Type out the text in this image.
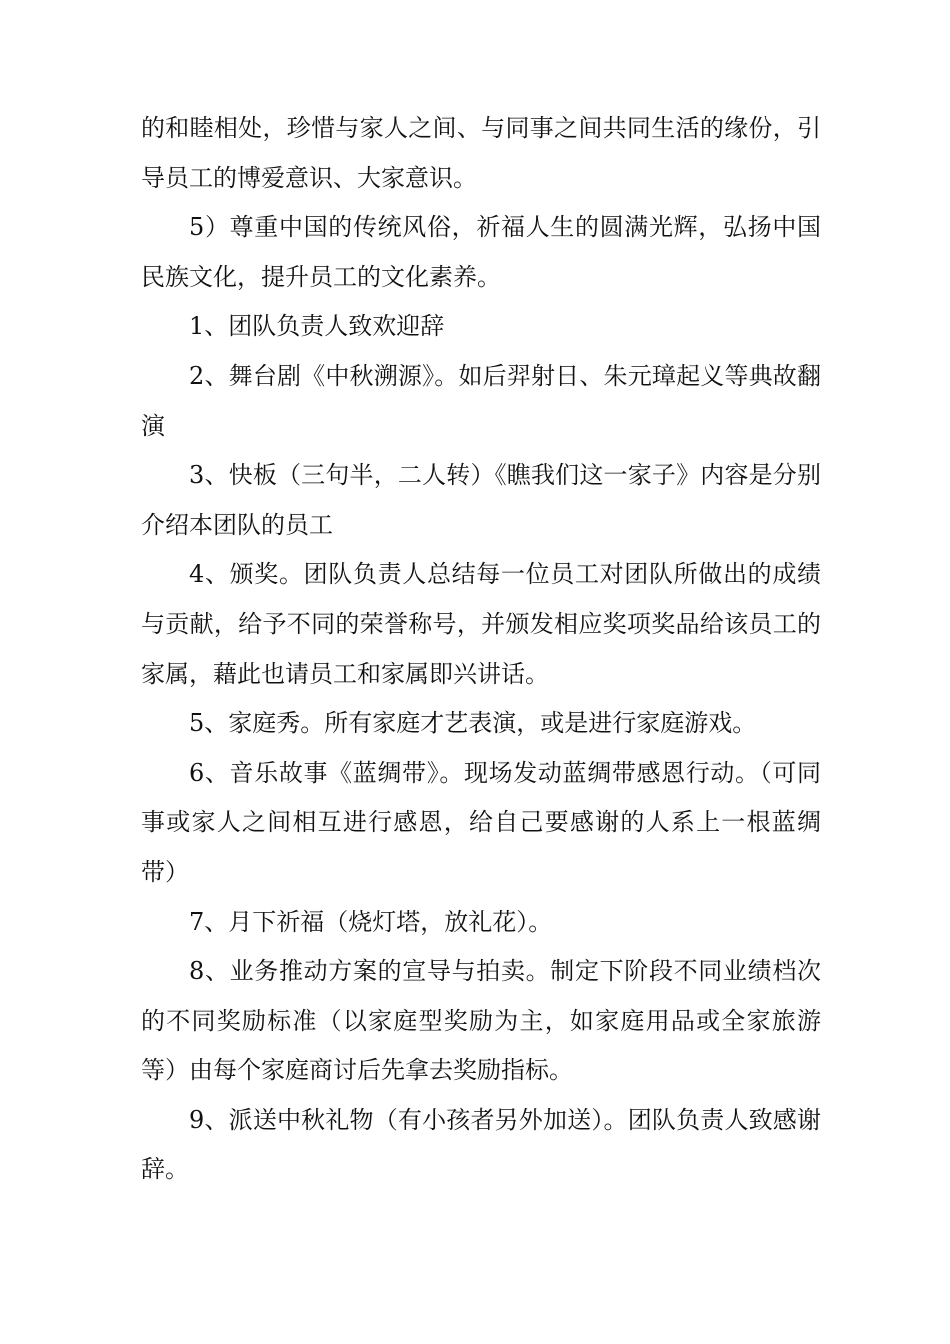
的和睦相处，珍惜与家人之间、与同事之间共同生活的缘份，引导员工的博爱意识、大家意识。

5）尊重中国的传统风俗，祈福人生的圆满光辉，弘扬中国民族文化，提升员工的文化素养。

1、团队负责人致欢迎辞

2、舞台剧《中秋溯源》。如后羿射日、朱元璋起义等典故翻演

3、快板（三句半，二人转）《瞧我们这一家子》内容是分别介绍本团队的员工

4、颁奖。团队负责人总结每一位员工对团队所做出的成绩与贡献，给予不同的荣誉称号，并颁发相应奖项奖品给该员工的家属，藉此也请员工和家属即兴讲话。

5、家庭秀。所有家庭才艺表演，或是进行家庭游戏。

6、音乐故事《蓝绸带》。现场发动蓝绸带感恩行动。（可同事或家人之间相互进行感恩，给自己要感谢的人系上一根蓝绸带）

7、月下祈福（烧灯塔，放礼花）。

8、业务推动方案的宣导与拍卖。制定下阶段不同业绩档次的不同奖励标准（以家庭型奖励为主，如家庭用品或全家旅游等）由每个家庭商讨后先拿去奖励指标。

9、派送中秋礼物（有小孩者另外加送）。团队负责人致感谢辞。
